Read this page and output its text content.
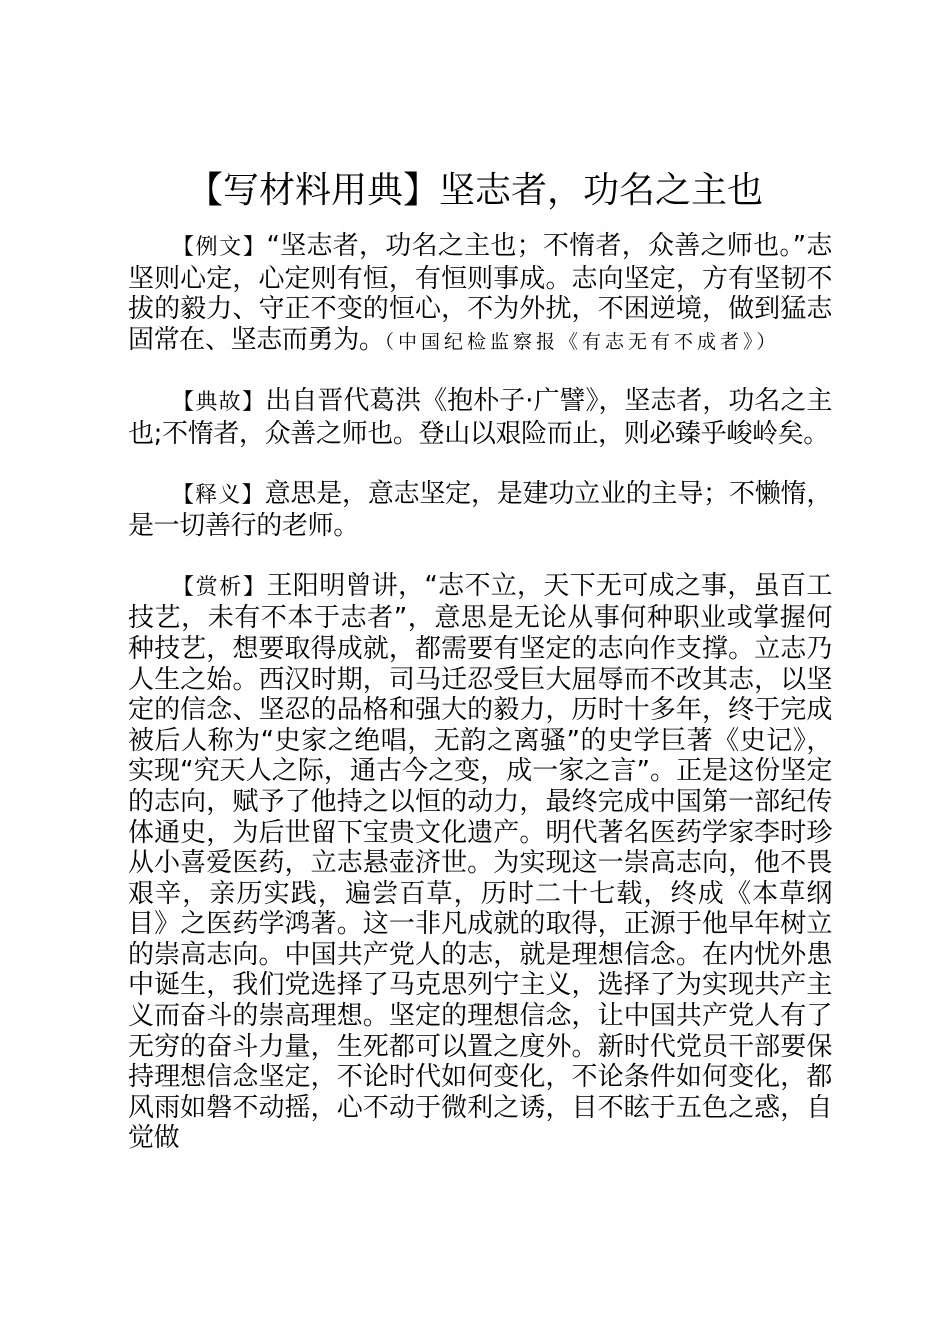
【写材料用典】坚志者，功名之主也

【例文】“坚志者，功名之主也；不惰者，众善之师也。”志坚则心定，心定则有恒，有恒则事成。志向坚定，方有坚韧不拔的毅力、守正不变的恒心，不为外扰，不困逆境，做到猛志固常在、坚志而勇为。（中国纪检监察报《有志无有不成者》）

【典故】出自晋代葛洪《抱朴子·广譬》，坚志者，功名之主也;不惰者，众善之师也。登山以艰险而止，则必臻乎峻岭矣。

【释义】意思是，意志坚定，是建功立业的主导；不懒惰，是一切善行的老师。

【赏析】王阳明曾讲，“志不立，天下无可成之事，虽百工技艺，未有不本于志者”，意思是无论从事何种职业或掌握何种技艺，想要取得成就，都需要有坚定的志向作支撑。立志乃人生之始。西汉时期，司马迁忍受巨大屈辱而不改其志，以坚定的信念、坚忍的品格和强大的毅力，历时十多年，终于完成被后人称为“史家之绝唱，无韵之离骚”的史学巨著《史记》，实现“究天人之际，通古今之变，成一家之言”。正是这份坚定的志向，赋予了他持之以恒的动力，最终完成中国第一部纪传体通史，为后世留下宝贵文化遗产。明代著名医药学家李时珍从小喜爱医药，立志悬壶济世。为实现这一崇高志向，他不畏艰辛，亲历实践，遍尝百草，历时二十七载，终成《本草纲目》之医药学鸿著。这一非凡成就的取得，正源于他早年树立的崇高志向。中国共产党人的志，就是理想信念。在内忧外患中诞生，我们党选择了马克思列宁主义，选择了为实现共产主义而奋斗的崇高理想。坚定的理想信念，让中国共产党人有了无穷的奋斗力量，生死都可以置之度外。新时代党员干部要保持理想信念坚定，不论时代如何变化，不论条件如何变化，都风雨如磐不动摇，心不动于微利之诱，目不眩于五色之惑，自觉做
